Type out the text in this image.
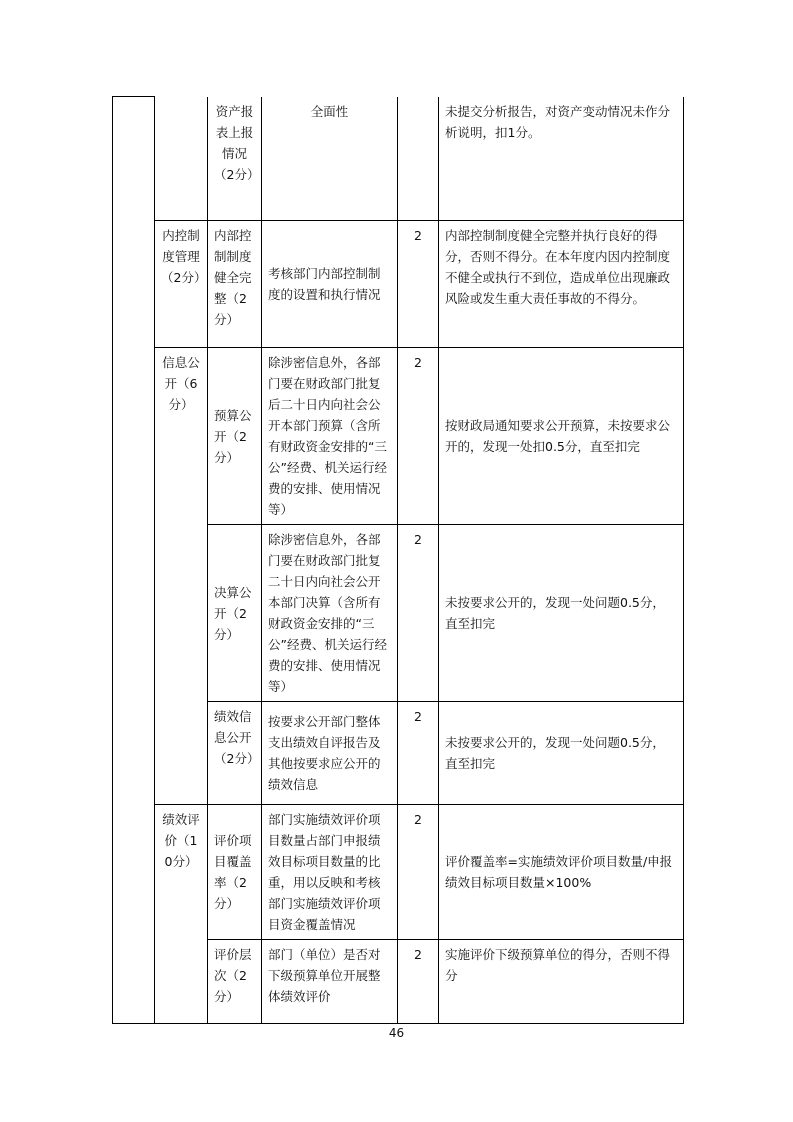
		资产报表上报情况（2分）	全面性		未提交分析报告，对资产变动情况未作分析说明，扣1分。
	内控制度管理（2分）	内部控制制度健全完整（2分）	考核部门内部控制制度的设置和执行情况	2	内部控制制度健全完整并执行良好的得分，否则不得分。在本年度内因内控制度不健全或执行不到位，造成单位出现廉政风险或发生重大责任事故的不得分。
	信息公开（6分）	预算公开（2分）	除涉密信息外，各部门要在财政部门批复后二十日内向社会公开本部门预算（含所有财政资金安排的“三公”经费、机关运行经费的安排、使用情况等）	2	按财政局通知要求公开预算，未按要求公开的，发现一处扣0.5分，直至扣完
		决算公开（2分）	除涉密信息外，各部门要在财政部门批复二十日内向社会公开本部门决算（含所有财政资金安排的“三公”经费、机关运行经费的安排、使用情况等）	2	未按要求公开的，发现一处问题0.5分，直至扣完
		绩效信息公开（2分）	按要求公开部门整体支出绩效自评报告及其他按要求应公开的绩效信息	2	未按要求公开的，发现一处问题0.5分，直至扣完
	绩效评价（10分）	评价项目覆盖率（2分）	部门实施绩效评价项目数量占部门申报绩效目标项目数量的比重，用以反映和考核部门实施绩效评价项目资金覆盖情况	2	评价覆盖率=实施绩效评价项目数量/申报绩效目标项目数量×100%
		评价层次（2分）	部门（单位）是否对下级预算单位开展整体绩效评价	2	实施评价下级预算单位的得分，否则不得分
46
